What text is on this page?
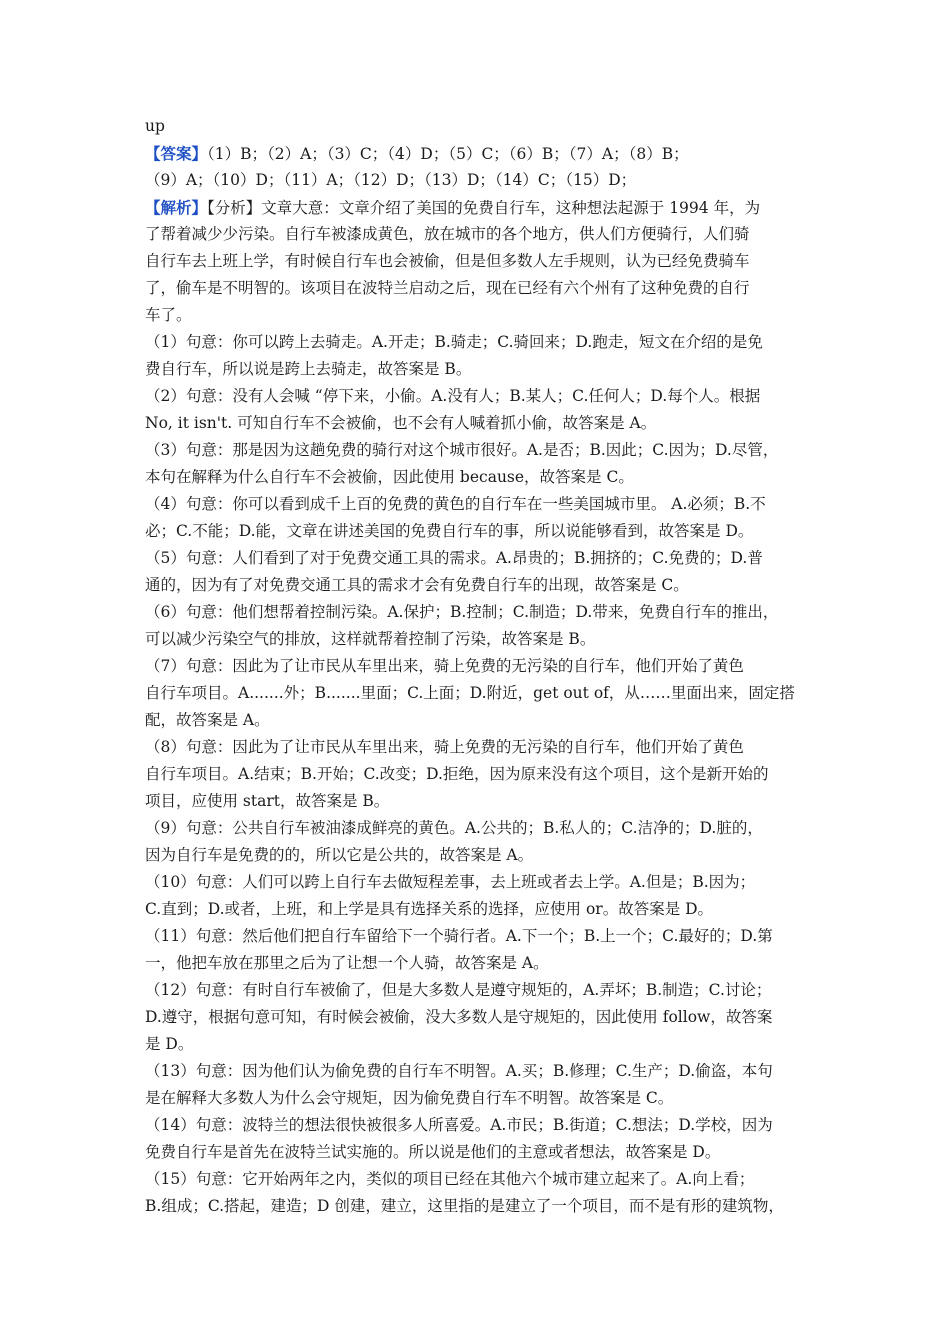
up
【答案】（1）B；（2）A；（3）C；（4）D；（5）C；（6）B；（7）A；（8）B；
（9）A；（10）D；（11）A；（12）D；（13）D；（14）C；（15）D；
【解析】【分析】文章大意：文章介绍了美国的免费自行车，这种想法起源于 1994 年，为
了帮着减少少污染。自行车被漆成黄色，放在城市的各个地方，供人们方便骑行，人们骑
自行车去上班上学，有时候自行车也会被偷，但是但多数人左手规则，认为已经免费骑车
了，偷车是不明智的。该项目在波特兰启动之后，现在已经有六个州有了这种免费的自行
车了。
（1）句意：你可以跨上去骑走。A.开走；B.骑走；C.骑回来；D.跑走，短文在介绍的是免
费自行车，所以说是跨上去骑走，故答案是 B。
（2）句意：没有人会喊 “停下来，小偷。A.没有人；B.某人；C.任何人；D.每个人。根据
No, it isn't. 可知自行车不会被偷，也不会有人喊着抓小偷，故答案是 A。
（3）句意：那是因为这趟免费的骑行对这个城市很好。A.是否；B.因此；C.因为；D.尽管，
本句在解释为什么自行车不会被偷，因此使用 because，故答案是 C。
（4）句意：你可以看到成千上百的免费的黄色的自行车在一些美国城市里。 A.必须；B.不
必；C.不能；D.能，文章在讲述美国的免费自行车的事，所以说能够看到，故答案是 D。
（5）句意：人们看到了对于免费交通工具的需求。A.昂贵的；B.拥挤的；C.免费的；D.普
通的，因为有了对免费交通工具的需求才会有免费自行车的出现，故答案是 C。
（6）句意：他们想帮着控制污染。A.保护；B.控制；C.制造；D.带来，免费自行车的推出，
可以减少污染空气的排放，这样就帮着控制了污染，故答案是 B。
（7）句意：因此为了让市民从车里出来，骑上免费的无污染的自行车，他们开始了黄色
自行车项目。A.......外；B.......里面；C.上面；D.附近，get out of，从……里面出来，固定搭
配，故答案是 A。
（8）句意：因此为了让市民从车里出来，骑上免费的无污染的自行车，他们开始了黄色
自行车项目。A.结束；B.开始；C.改变；D.拒绝，因为原来没有这个项目，这个是新开始的
项目，应使用 start，故答案是 B。
（9）句意：公共自行车被油漆成鲜亮的黄色。A.公共的；B.私人的；C.洁净的；D.脏的，
因为自行车是免费的的，所以它是公共的，故答案是 A。
（10）句意：人们可以跨上自行车去做短程差事，去上班或者去上学。A.但是；B.因为；
C.直到；D.或者，上班，和上学是具有选择关系的选择，应使用 or。故答案是 D。
（11）句意：然后他们把自行车留给下一个骑行者。A.下一个；B.上一个；C.最好的；D.第
一，他把车放在那里之后为了让想一个人骑，故答案是 A。
（12）句意：有时自行车被偷了，但是大多数人是遵守规矩的，A.弄坏；B.制造；C.讨论；
D.遵守，根据句意可知，有时候会被偷，没大多数人是守规矩的，因此使用 follow，故答案
是 D。
（13）句意：因为他们认为偷免费的自行车不明智。A.买；B.修理；C.生产；D.偷盗，本句
是在解释大多数人为什么会守规矩，因为偷免费自行车不明智。故答案是 C。
（14）句意：波特兰的想法很快被很多人所喜爱。A.市民；B.街道；C.想法；D.学校，因为
免费自行车是首先在波特兰试实施的。所以说是他们的主意或者想法，故答案是 D。
（15）句意：它开始两年之内，类似的项目已经在其他六个城市建立起来了。A.向上看；
B.组成；C.搭起，建造；D 创建，建立，这里指的是建立了一个项目，而不是有形的建筑物，
